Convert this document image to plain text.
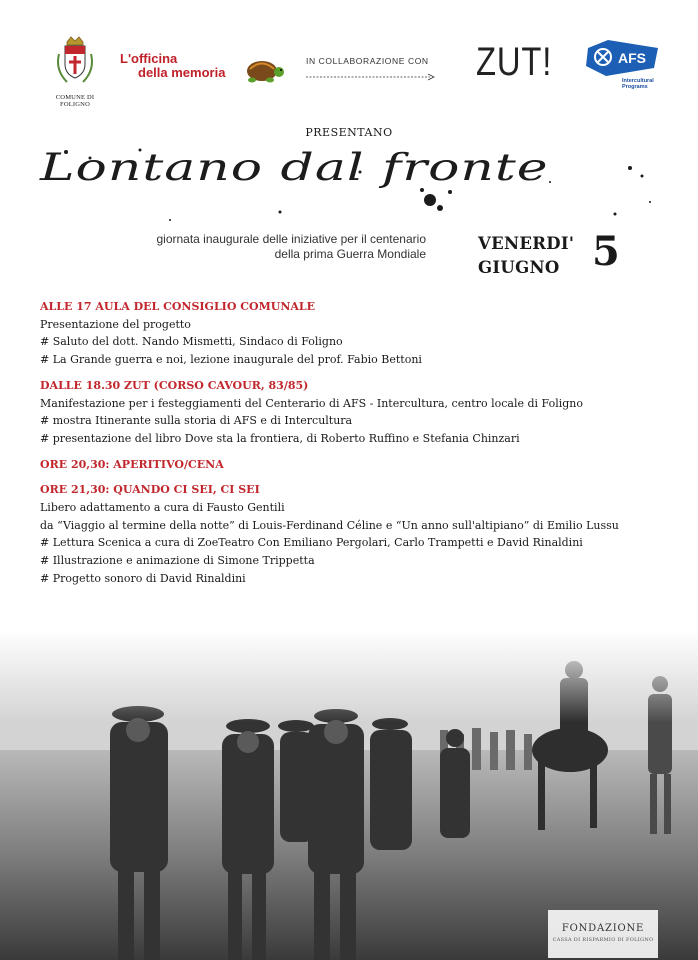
COMUNE DI FOLIGNO
L'officina
della memoria
IN COLLABORAZIONE CON ZUT!	AFS
Intercultural
Programs
PRESENTANO
Lontano dal fronte
giornata inaugurale delle iniziative per il centenario
della prima Guerra Mondiale
VENERDI'
GIUGNO 5
ALLE 17 AULA DEL CONSIGLIO COMUNALE
Presentazione del progetto
# Saluto del dott. Nando Mismetti, Sindaco di Foligno
# La Grande guerra e noi, lezione inaugurale del prof. Fabio Bettoni
DALLE 18.30 ZUT (CORSO CAVOUR, 83/85)
Manifestazione per i festeggiamenti del Centerario di AFS - Intercultura, centro locale di Foligno
# mostra Itinerante sulla storia di AFS e di Intercultura
# presentazione del libro Dove sta la frontiera, di Roberto Ruffino e Stefania Chinzari
ORE 20,30: APERITIVO/CENA
ORE 21,30: QUANDO CI SEI, CI SEI
Libero adattamento a cura di Fausto Gentili
da “Viaggio al termine della notte” di Louis-Ferdinand Céline e “Un anno sull'altipiano” di Emilio Lussu
# Lettura Scenica a cura di ZoeTeatro Con Emiliano Pergolari, Carlo Trampetti e David Rinaldini
# Illustrazione e animazione di Simone Trippetta
# Progetto sonoro di David Rinaldini
FONDAZIONE
CASSA DI RISPARMIO DI FOLIGNO
